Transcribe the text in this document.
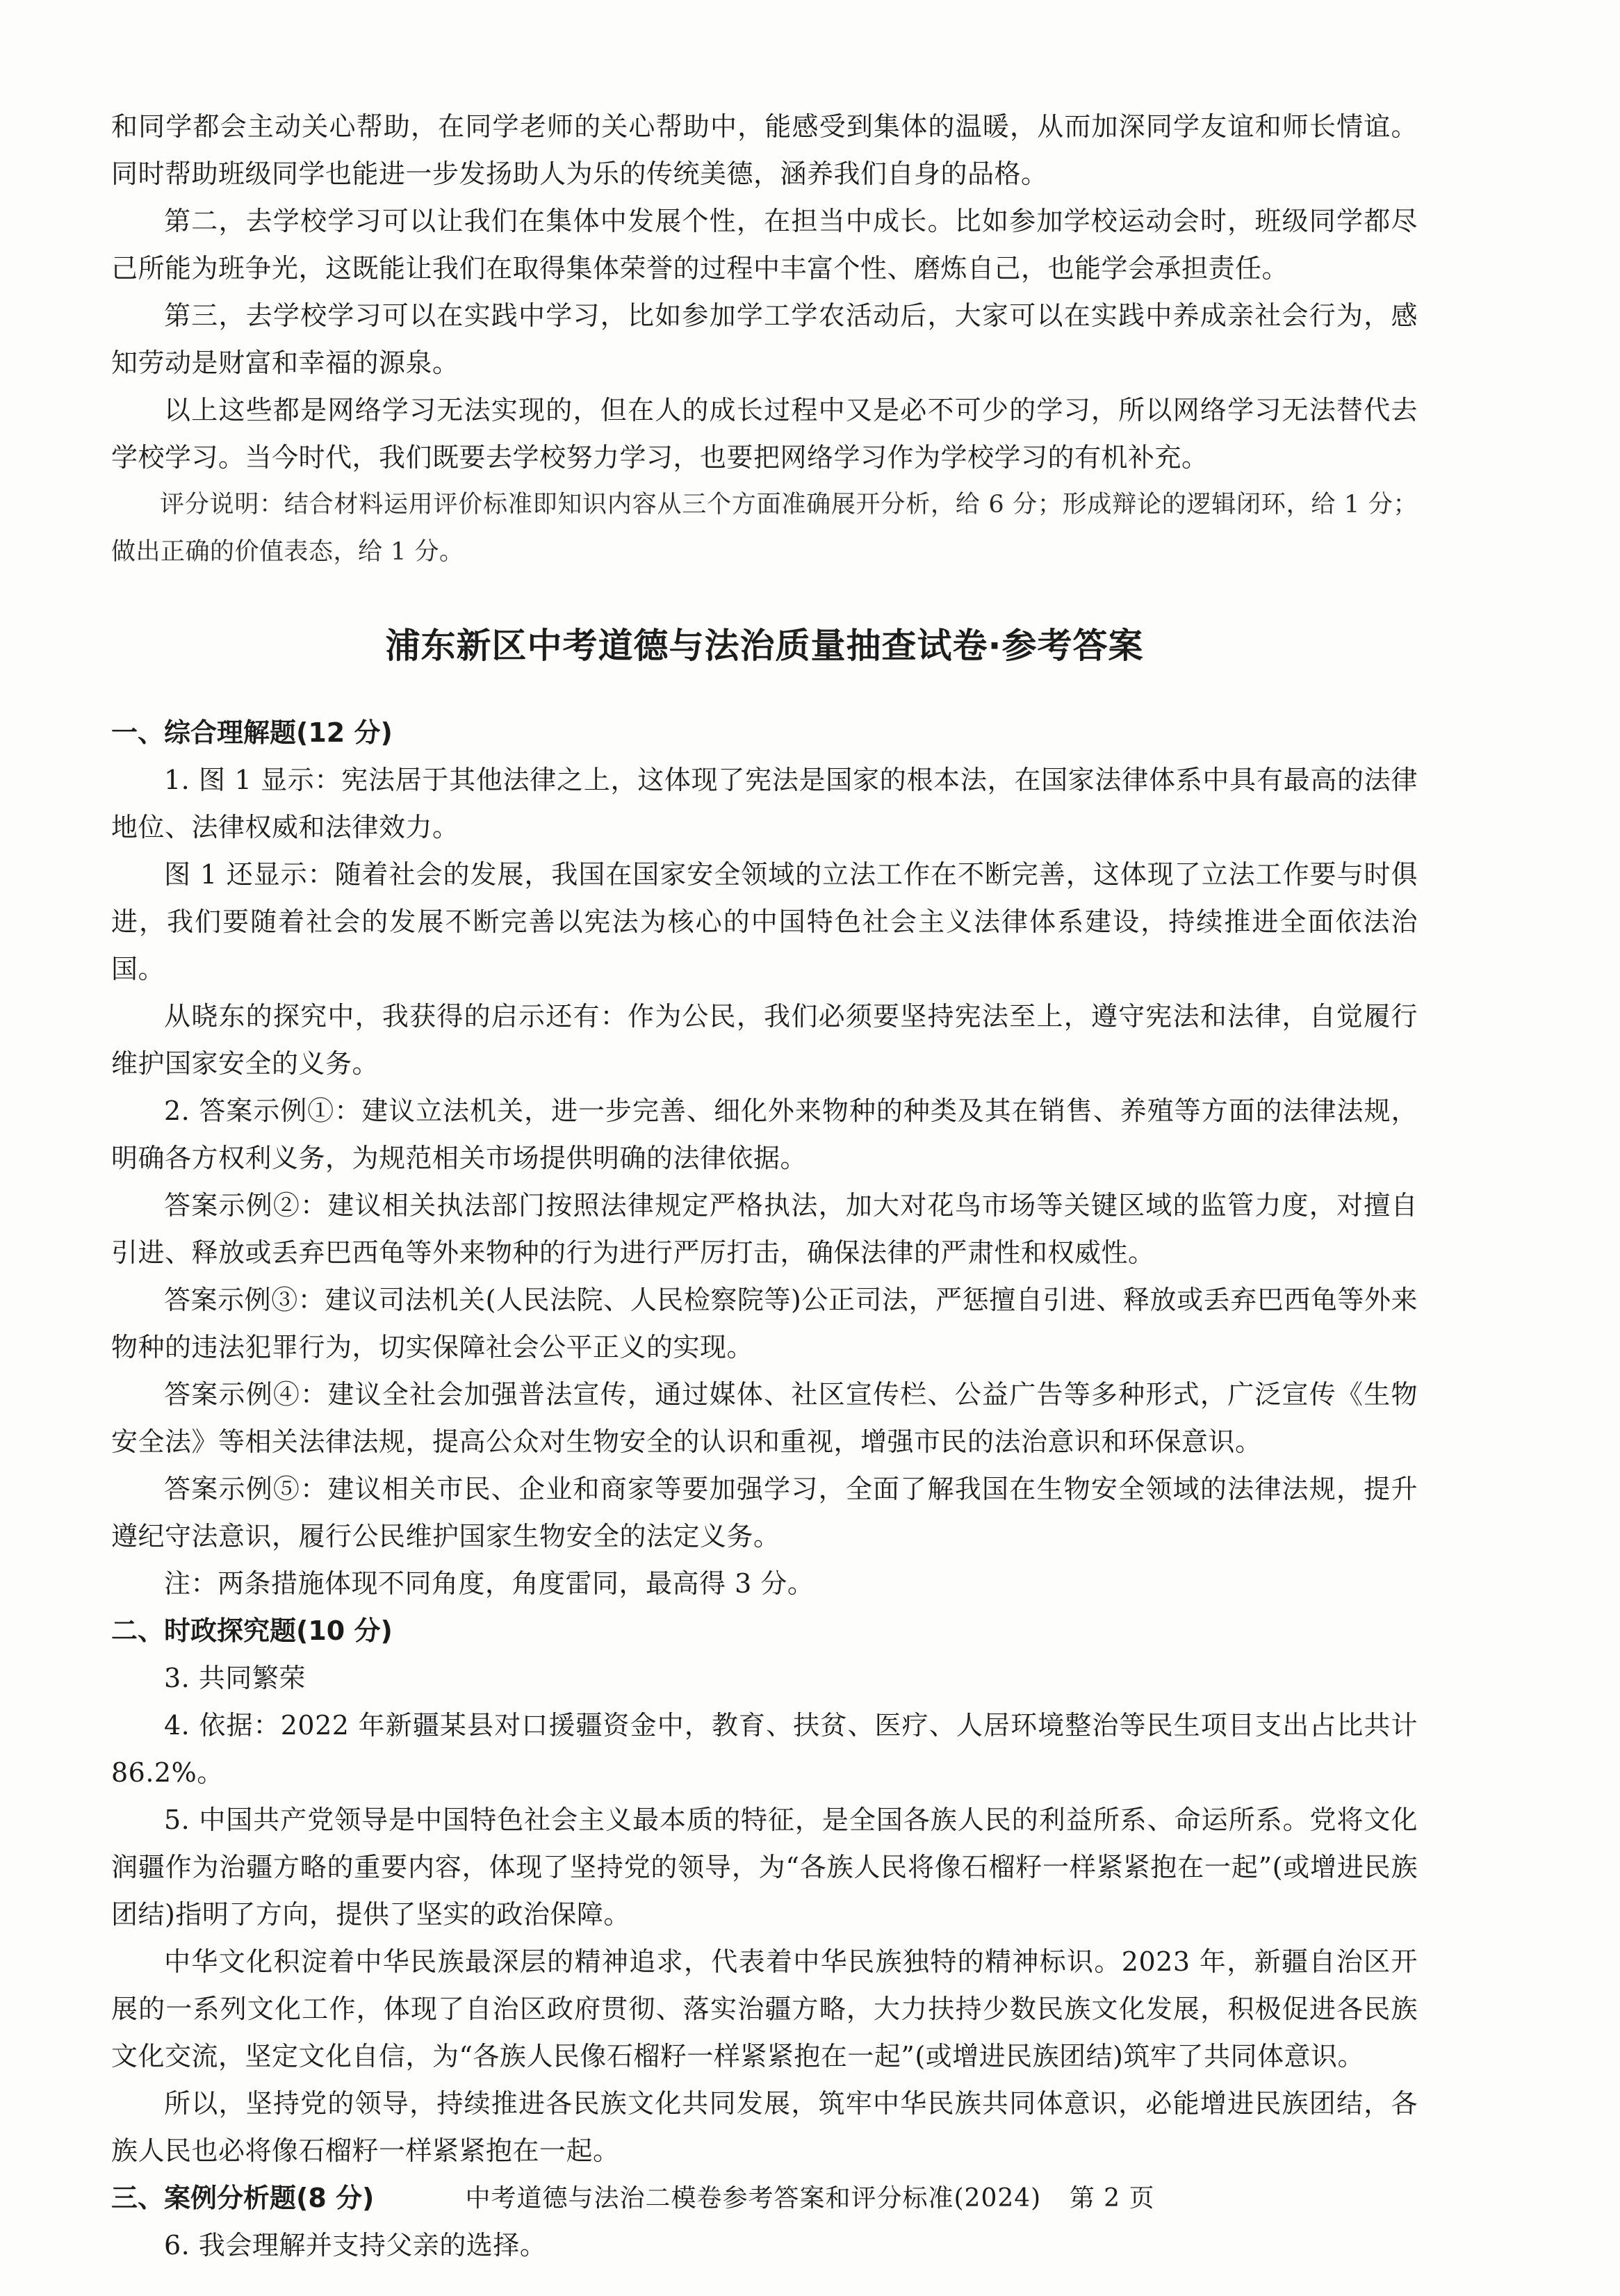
和同学都会主动关心帮助，在同学老师的关心帮助中，能感受到集体的温暖，从而加深同学友谊和师长情谊。同时帮助班级同学也能进一步发扬助人为乐的传统美德，涵养我们自身的品格。

第二，去学校学习可以让我们在集体中发展个性，在担当中成长。比如参加学校运动会时，班级同学都尽己所能为班争光，这既能让我们在取得集体荣誉的过程中丰富个性、磨炼自己，也能学会承担责任。

第三，去学校学习可以在实践中学习，比如参加学工学农活动后，大家可以在实践中养成亲社会行为，感知劳动是财富和幸福的源泉。

以上这些都是网络学习无法实现的，但在人的成长过程中又是必不可少的学习，所以网络学习无法替代去学校学习。当今时代，我们既要去学校努力学习，也要把网络学习作为学校学习的有机补充。

评分说明：结合材料运用评价标准即知识内容从三个方面准确展开分析，给 6 分；形成辩论的逻辑闭环，给 1 分；做出正确的价值表态，给 1 分。

浦东新区中考道德与法治质量抽查试卷·参考答案
一、综合理解题(12 分)

1. 图 1 显示：宪法居于其他法律之上，这体现了宪法是国家的根本法，在国家法律体系中具有最高的法律地位、法律权威和法律效力。

图 1 还显示：随着社会的发展，我国在国家安全领域的立法工作在不断完善，这体现了立法工作要与时俱进，我们要随着社会的发展不断完善以宪法为核心的中国特色社会主义法律体系建设，持续推进全面依法治国。

从晓东的探究中，我获得的启示还有：作为公民，我们必须要坚持宪法至上，遵守宪法和法律，自觉履行维护国家安全的义务。

2. 答案示例①：建议立法机关，进一步完善、细化外来物种的种类及其在销售、养殖等方面的法律法规，明确各方权利义务，为规范相关市场提供明确的法律依据。

答案示例②：建议相关执法部门按照法律规定严格执法，加大对花鸟市场等关键区域的监管力度，对擅自引进、释放或丢弃巴西龟等外来物种的行为进行严厉打击，确保法律的严肃性和权威性。

答案示例③：建议司法机关(人民法院、人民检察院等)公正司法，严惩擅自引进、释放或丢弃巴西龟等外来物种的违法犯罪行为，切实保障社会公平正义的实现。

答案示例④：建议全社会加强普法宣传，通过媒体、社区宣传栏、公益广告等多种形式，广泛宣传《生物安全法》等相关法律法规，提高公众对生物安全的认识和重视，增强市民的法治意识和环保意识。

答案示例⑤：建议相关市民、企业和商家等要加强学习，全面了解我国在生物安全领域的法律法规，提升遵纪守法意识，履行公民维护国家生物安全的法定义务。

注：两条措施体现不同角度，角度雷同，最高得 3 分。

二、时政探究题(10 分)

3. 共同繁荣

4. 依据：2022 年新疆某县对口援疆资金中，教育、扶贫、医疗、人居环境整治等民生项目支出占比共计 86.2%。

5. 中国共产党领导是中国特色社会主义最本质的特征，是全国各族人民的利益所系、命运所系。党将文化润疆作为治疆方略的重要内容，体现了坚持党的领导，为“各族人民将像石榴籽一样紧紧抱在一起”(或增进民族团结)指明了方向，提供了坚实的政治保障。

中华文化积淀着中华民族最深层的精神追求，代表着中华民族独特的精神标识。2023 年，新疆自治区开展的一系列文化工作，体现了自治区政府贯彻、落实治疆方略，大力扶持少数民族文化发展，积极促进各民族文化交流，坚定文化自信，为“各族人民像石榴籽一样紧紧抱在一起”(或增进民族团结)筑牢了共同体意识。

所以，坚持党的领导，持续推进各民族文化共同发展，筑牢中华民族共同体意识，必能增进民族团结，各族人民也必将像石榴籽一样紧紧抱在一起。

三、案例分析题(8 分)

6. 我会理解并支持父亲的选择。

中考道德与法治二模卷参考答案和评分标准(2024) 第 2 页
